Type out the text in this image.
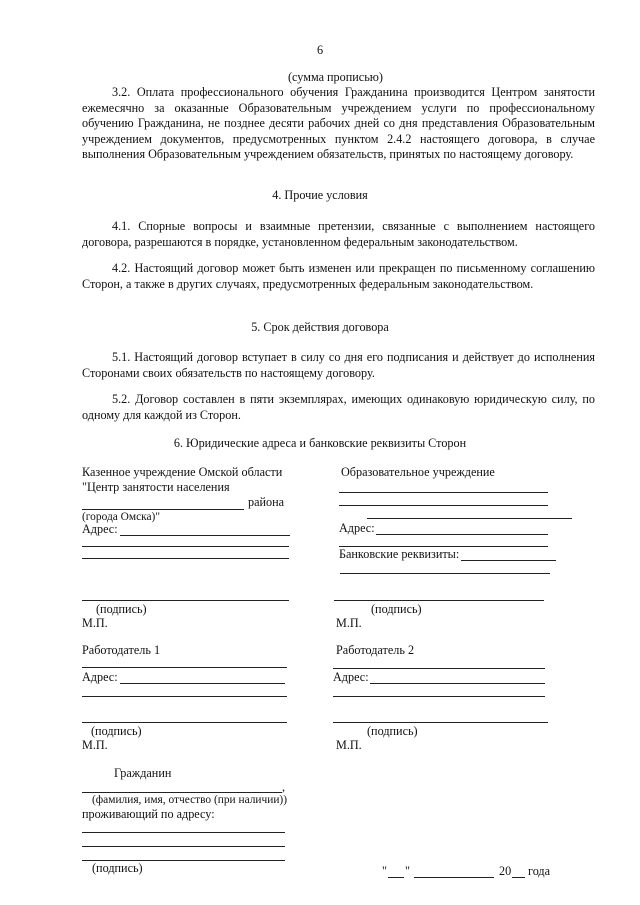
6
(сумма прописью)
3.2. Оплата профессионального обучения Гражданина производится Центром занятости ежемесячно за оказанные Образовательным учреждением услуги по профессиональному обучению Гражданина, не позднее десяти рабочих дней со дня представления Образовательным учреждением документов, предусмотренных пунктом 2.4.2 настоящего договора, в случае выполнения Образовательным учреждением обязательств, принятых по настоящему договору.
4. Прочие условия
4.1. Спорные вопросы и взаимные претензии, связанные с выполнением настоящего договора, разрешаются в порядке, установленном федеральным законодательством.
4.2. Настоящий договор может быть изменен или прекращен по письменному соглашению Сторон, а также в других случаях, предусмотренных федеральным законодательством.
5. Срок действия договора
5.1. Настоящий договор вступает в силу со дня его подписания и действует до исполнения Сторонами своих обязательств по настоящему договору.
5.2. Договор составлен в пяти экземплярах, имеющих одинаковую юридическую силу, по одному для каждой из Сторон.
6. Юридические адреса и банковские реквизиты Сторон
Казенное учреждение Омской области
"Центр занятости населения
района
(города Омска)"
Адрес:
(подпись)
М.П.
Образовательное учреждение
Адрес:
Банковские реквизиты:
(подпись)
М.П.
Работодатель 1
Адрес:
(подпись)
М.П.
Работодатель 2
Адрес:
(подпись)
М.П.
Гражданин
,
(фамилия, имя, отчество (при наличии))
проживающий по адресу:
(подпись)	" "	20 года
